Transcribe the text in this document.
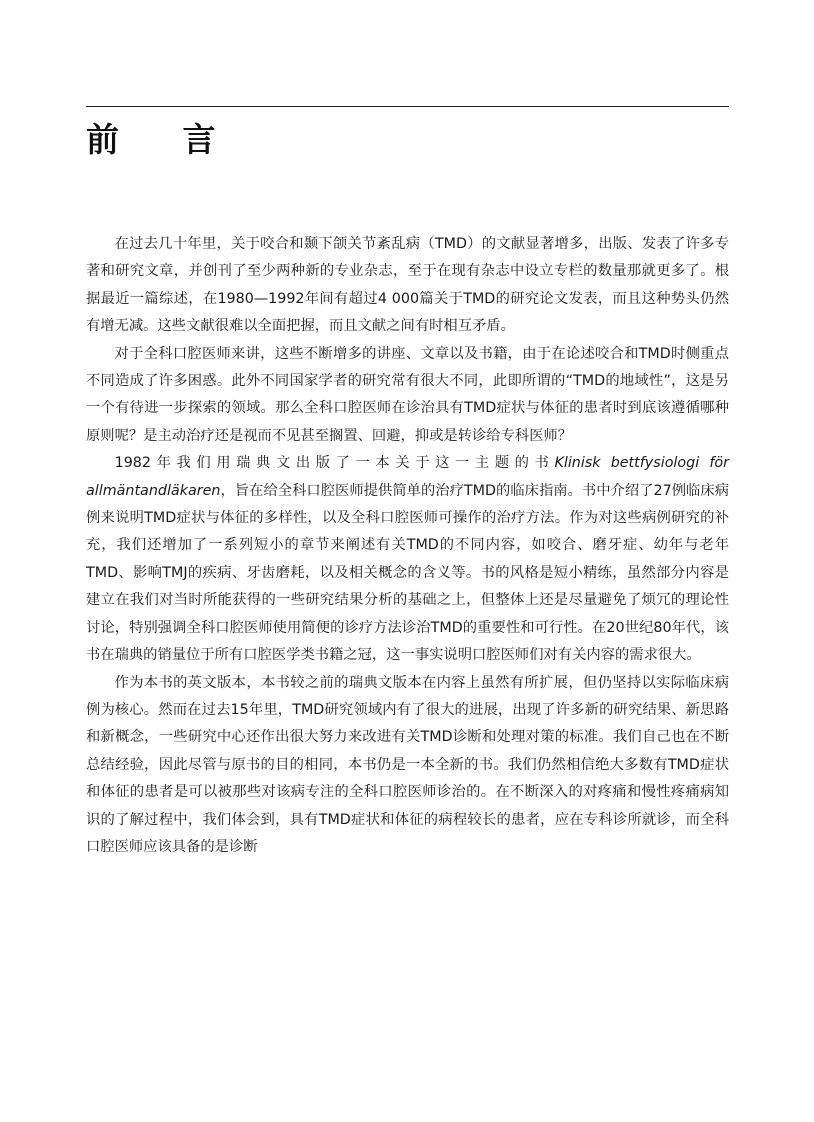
前 言

在过去几十年里，关于咬合和颞下颌关节紊乱病（TMD）的文献显著增多，出版、发表了许多专著和研究文章，并创刊了至少两种新的专业杂志，至于在现有杂志中设立专栏的数量那就更多了。根据最近一篇综述，在1980—1992年间有超过4 000篇关于TMD的研究论文发表，而且这种势头仍然有增无减。这些文献很难以全面把握，而且文献之间有时相互矛盾。

对于全科口腔医师来讲，这些不断增多的讲座、文章以及书籍，由于在论述咬合和TMD时侧重点不同造成了许多困惑。此外不同国家学者的研究常有很大不同，此即所谓的“TMD的地域性”，这是另一个有待进一步探索的领域。那么全科口腔医师在诊治具有TMD症状与体征的患者时到底该遵循哪种原则呢？是主动治疗还是视而不见甚至搁置、回避，抑或是转诊给专科医师？

1982年我们用瑞典文出版了一本关于这一主题的书Klinisk bettfysiologi för allmäntandläkaren，旨在给全科口腔医师提供简单的治疗TMD的临床指南。书中介绍了27例临床病例来说明TMD症状与体征的多样性，以及全科口腔医师可操作的治疗方法。作为对这些病例研究的补充，我们还增加了一系列短小的章节来阐述有关TMD的不同内容，如咬合、磨牙症、幼年与老年TMD、影响TMJ的疾病、牙齿磨耗，以及相关概念的含义等。书的风格是短小精练，虽然部分内容是建立在我们对当时所能获得的一些研究结果分析的基础之上，但整体上还是尽量避免了烦冗的理论性讨论，特别强调全科口腔医师使用简便的诊疗方法诊治TMD的重要性和可行性。在20世纪80年代，该书在瑞典的销量位于所有口腔医学类书籍之冠，这一事实说明口腔医师们对有关内容的需求很大。

作为本书的英文版本，本书较之前的瑞典文版本在内容上虽然有所扩展，但仍坚持以实际临床病例为核心。然而在过去15年里，TMD研究领域内有了很大的进展，出现了许多新的研究结果、新思路和新概念，一些研究中心还作出很大努力来改进有关TMD诊断和处理对策的标准。我们自己也在不断总结经验，因此尽管与原书的目的相同，本书仍是一本全新的书。我们仍然相信绝大多数有TMD症状和体征的患者是可以被那些对该病专注的全科口腔医师诊治的。在不断深入的对疼痛和慢性疼痛病知识的了解过程中，我们体会到，具有TMD症状和体征的病程较长的患者，应在专科诊所就诊，而全科口腔医师应该具备的是诊断
